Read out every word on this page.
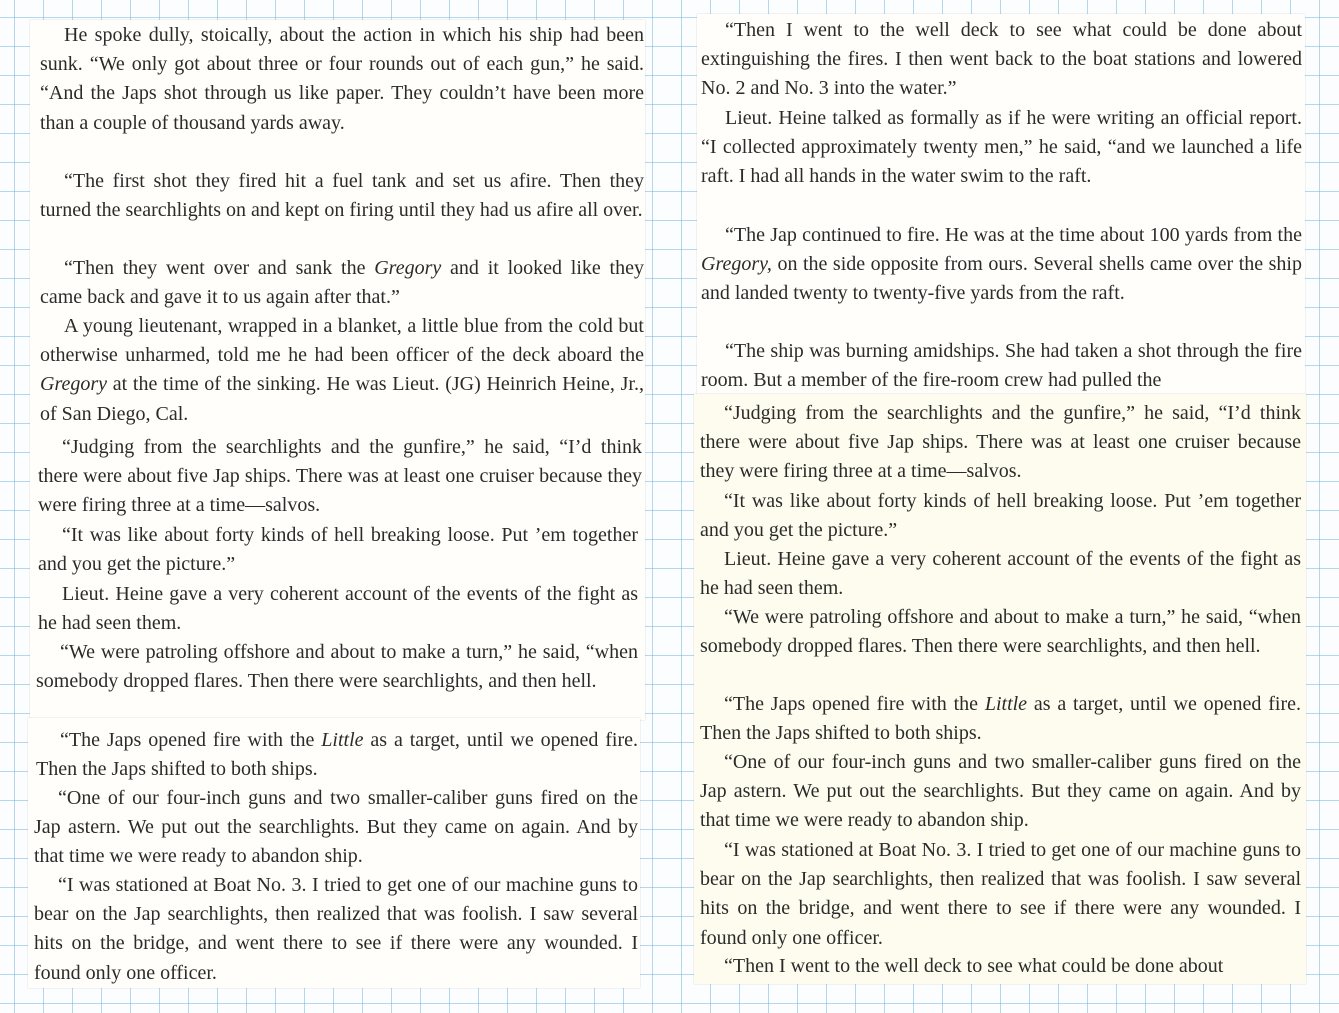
He spoke dully, stoically, about the action in which his ship had been sunk. “We only got about three or four rounds out of each gun,” he said. “And the Japs shot through us like paper. They couldn’t have been more than a couple of thousand yards away.

“The first shot they fired hit a fuel tank and set us afire. Then they turned the searchlights on and kept on firing until they had us afire all over.

“Then they went over and sank the Gregory and it looked like they came back and gave it to us again after that.”

A young lieutenant, wrapped in a blanket, a little blue from the cold but otherwise unharmed, told me he had been officer of the deck aboard the Gregory at the time of the sinking. He was Lieut. (JG) Heinrich Heine, Jr., of San Diego, Cal.

“Judging from the searchlights and the gunfire,” he said, “I’d think there were about five Jap ships. There was at least one cruiser because they were firing three at a time—salvos.

“It was like about forty kinds of hell breaking loose. Put ’em together and you get the picture.”

Lieut. Heine gave a very coherent account of the events of the fight as he had seen them.

“We were patroling offshore and about to make a turn,” he said, “when somebody dropped flares. Then there were searchlights, and then hell.

“The Japs opened fire with the Little as a target, until we opened fire. Then the Japs shifted to both ships.

“One of our four-inch guns and two smaller-caliber guns fired on the Jap astern. We put out the searchlights. But they came on again. And by that time we were ready to abandon ship.

“I was stationed at Boat No. 3. I tried to get one of our machine guns to bear on the Jap searchlights, then realized that was foolish. I saw several hits on the bridge, and went there to see if there were any wounded. I found only one officer.

“Then I went to the well deck to see what could be done about extinguishing the fires. I then went back to the boat stations and lowered No. 2 and No. 3 into the water.”

Lieut. Heine talked as formally as if he were writing an official report. “I collected approximately twenty men,” he said, “and we launched a life raft. I had all hands in the water swim to the raft.

“The Jap continued to fire. He was at the time about 100 yards from the Gregory, on the side opposite from ours. Several shells came over the ship and landed twenty to twenty-five yards from the raft.

“The ship was burning amidships. She had taken a shot through the fire room. But a member of the fire-room crew had pulled the

“Judging from the searchlights and the gunfire,” he said, “I’d think there were about five Jap ships. There was at least one cruiser because they were firing three at a time—salvos.

“It was like about forty kinds of hell breaking loose. Put ’em together and you get the picture.”

Lieut. Heine gave a very coherent account of the events of the fight as he had seen them.

“We were patroling offshore and about to make a turn,” he said, “when somebody dropped flares. Then there were searchlights, and then hell.

“The Japs opened fire with the Little as a target, until we opened fire. Then the Japs shifted to both ships.

“One of our four-inch guns and two smaller-caliber guns fired on the Jap astern. We put out the searchlights. But they came on again. And by that time we were ready to abandon ship.

“I was stationed at Boat No. 3. I tried to get one of our machine guns to bear on the Jap searchlights, then realized that was foolish. I saw several hits on the bridge, and went there to see if there were any wounded. I found only one officer.

“Then I went to the well deck to see what could be done about
